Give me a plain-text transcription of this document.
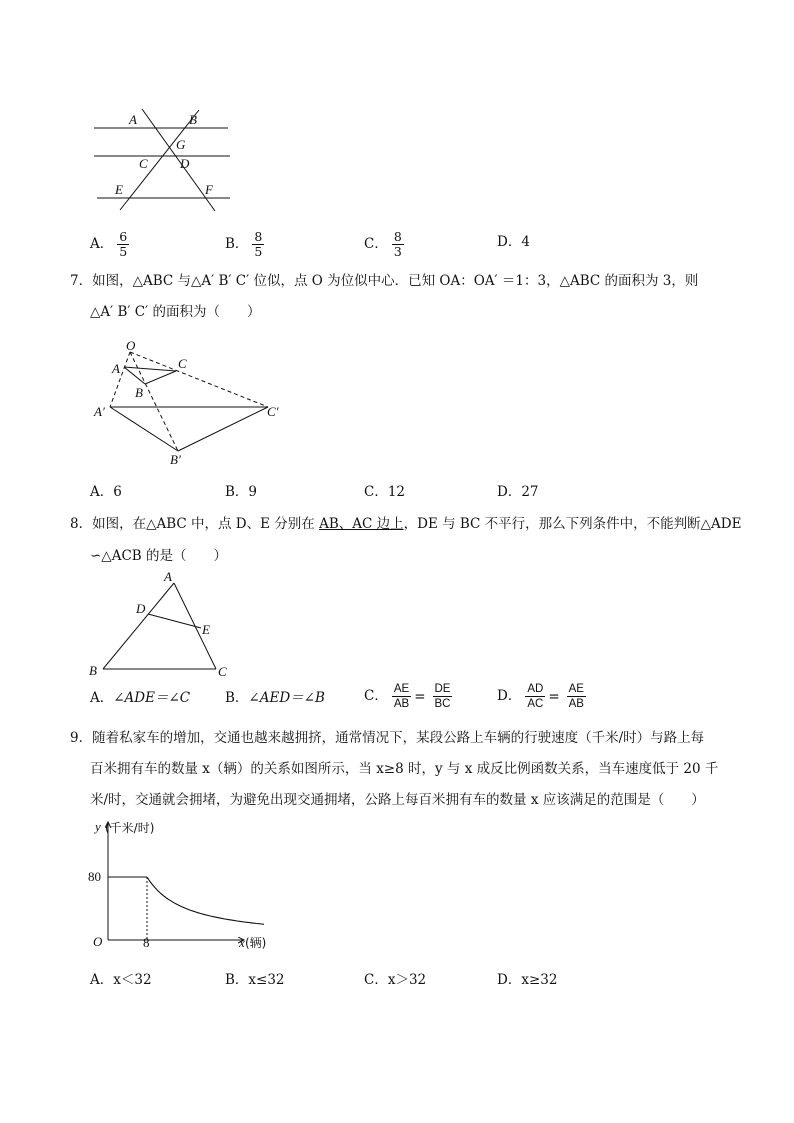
A	B
G
C D
E	F
A． $\frac{6}{5}$	B． $\frac{8}{5}$	C． $\frac{8}{3}$	D．4
7．如图，△ABC 与△A′ B′ C′ 位似，点 O 为位似中心．已知 OA：OA′ ＝1：3，△ABC 的面积为 3，则
△A′ B′ C′ 的面积为（　　）
O
A	C
B
A′	C′
B′
A．6	B．9	C．12	D．27
8．如图，在△ABC 中，点 D、E 分别在 AB、AC 边上，DE 与 BC 不平行，那么下列条件中，不能判断△ADE
∽△ACB 的是（　　）
A
D
E
B	C
A．∠ADE＝∠C	B．∠AED＝∠B	C． $\frac{AE}{AB} = \frac{DE}{BC}$	D． $\frac{AD}{AC} = \frac{AE}{AB}$
9．随着私家车的增加，交通也越来越拥挤，通常情况下，某段公路上车辆的行驶速度（千米/时）与路上每
百米拥有车的数量 x（辆）的关系如图所示，当 x≥8 时，y 与 x 成反比例函数关系，当车速度低于 20 千
米/时，交通就会拥堵，为避免出现交通拥堵，公路上每百米拥有车的数量 x 应该满足的范围是（　　）
y (千米/时)
80
O	8	x (辆)
A．x＜32	B．x≤32	C．x＞32	D．x≥32
